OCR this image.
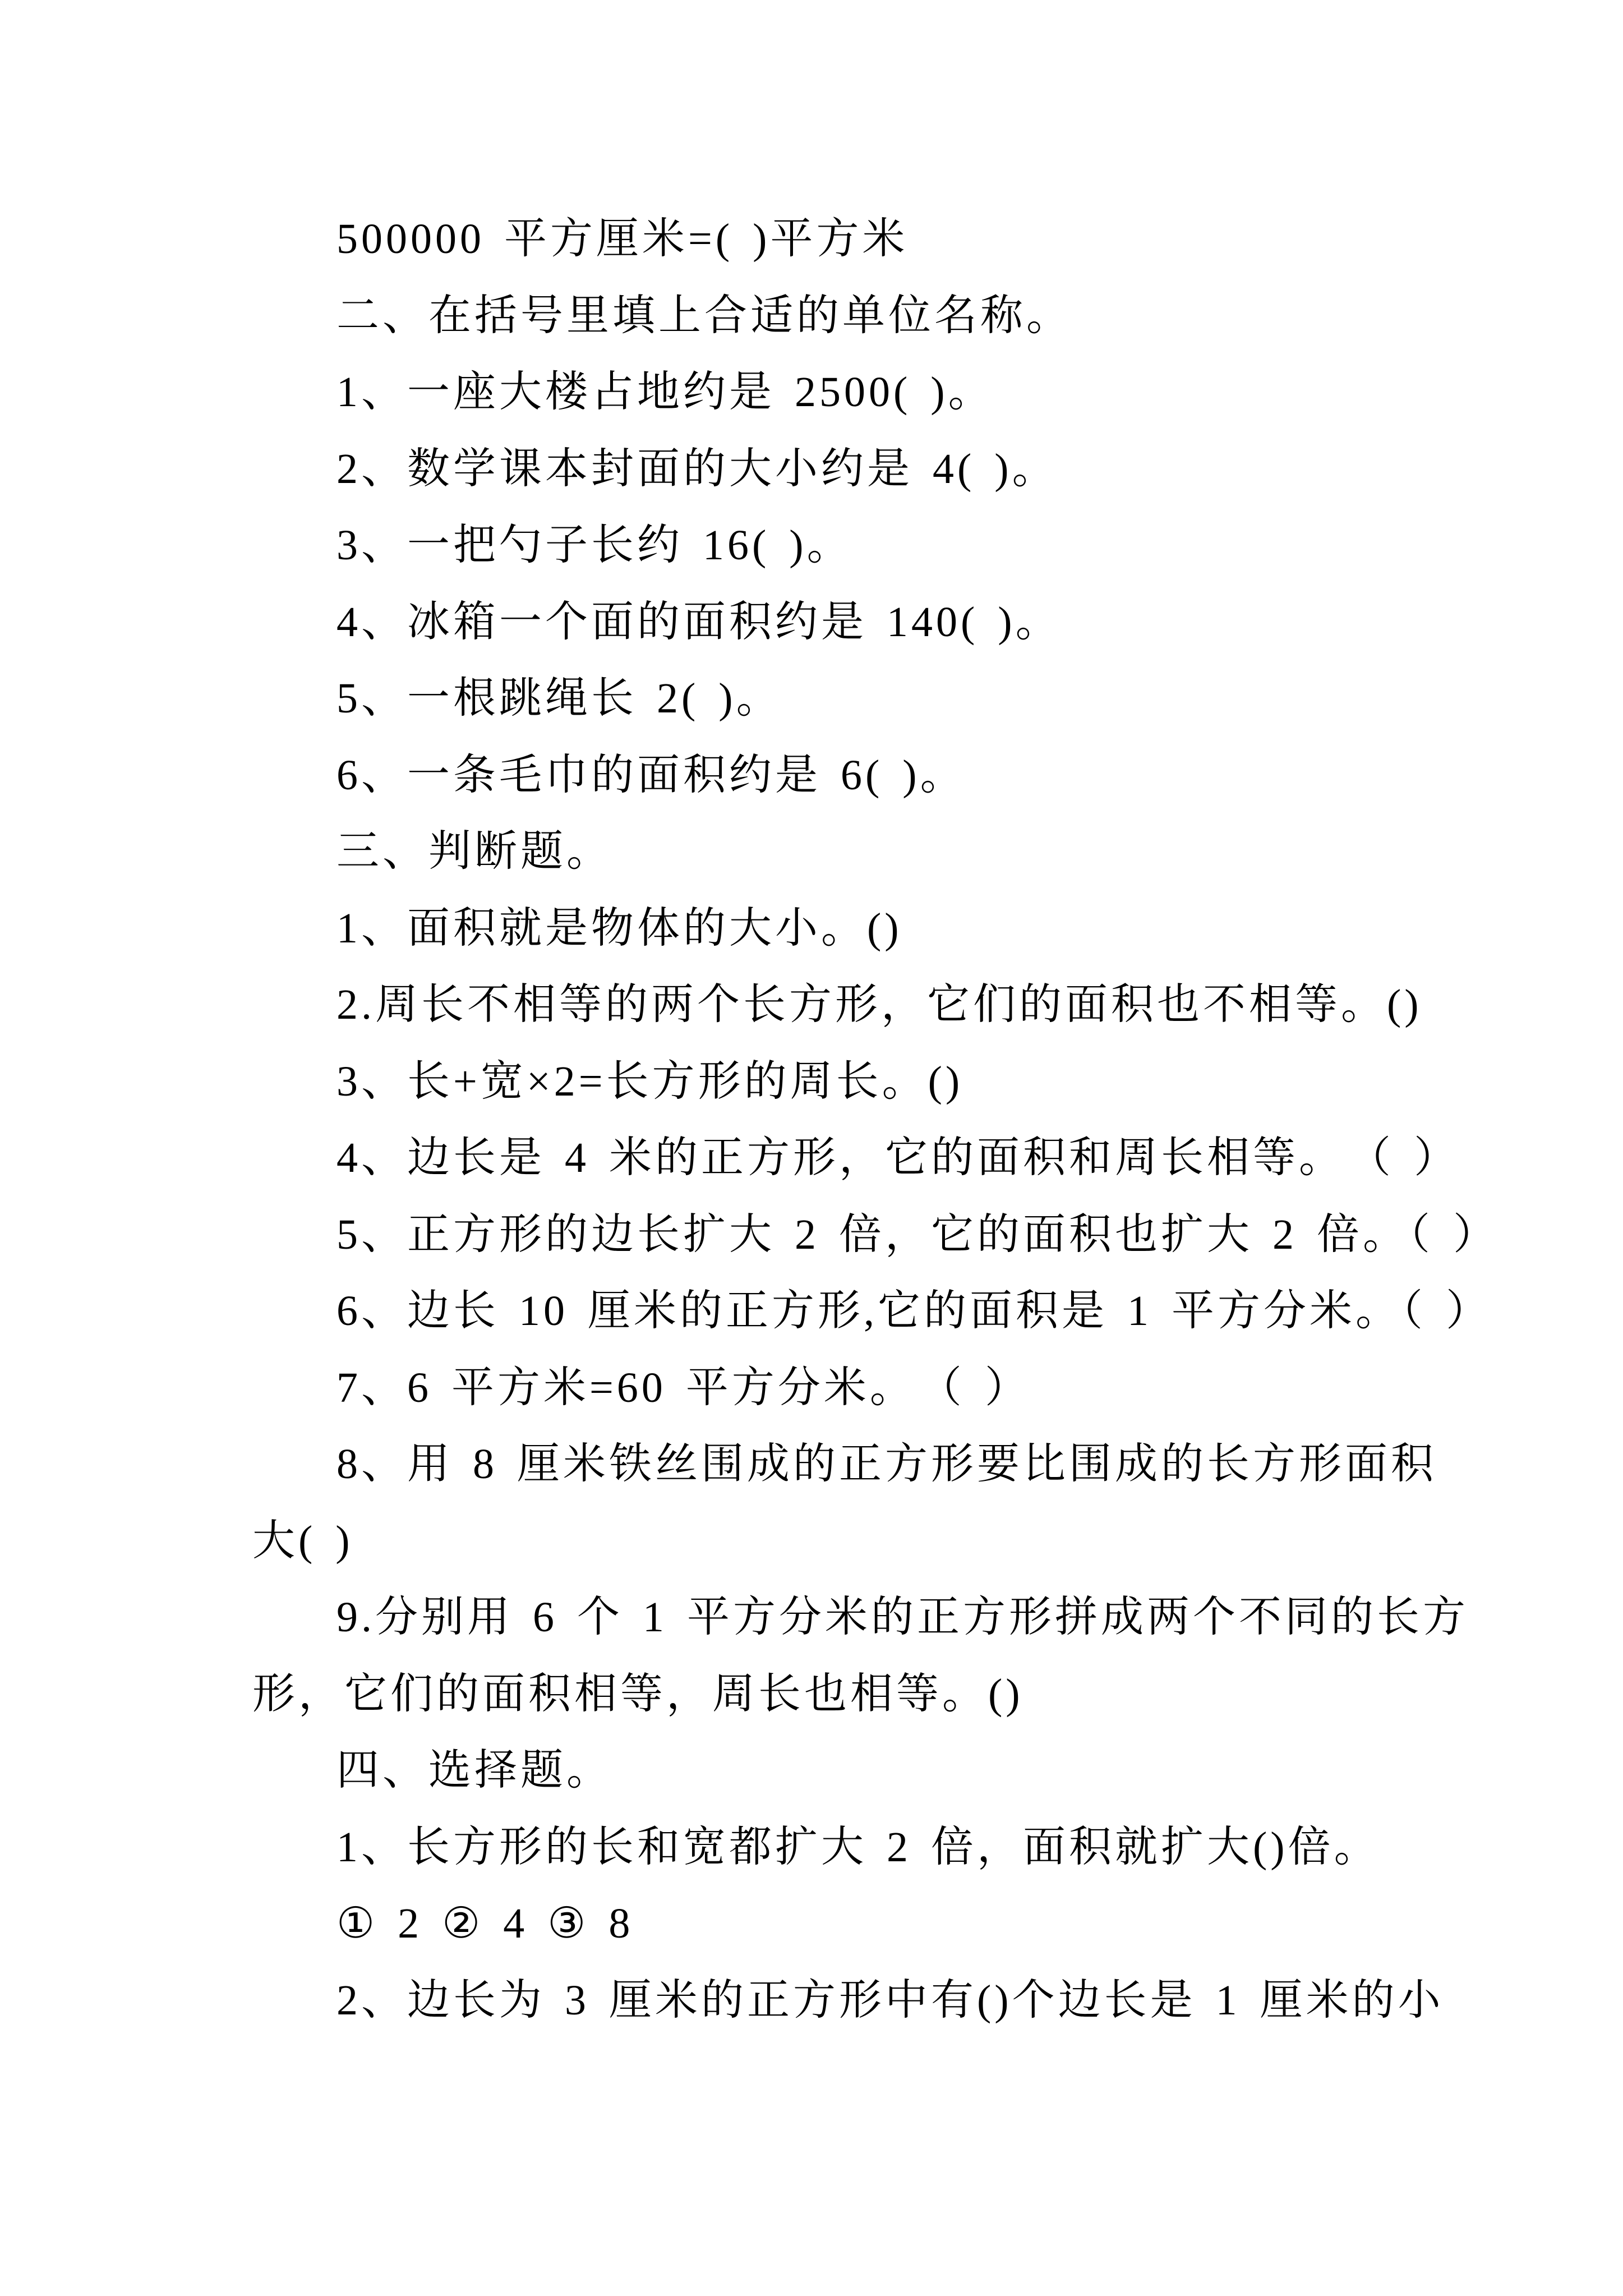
500000 平方厘米=( )平方米
二、在括号里填上合适的单位名称。
1、一座大楼占地约是 2500( )。
2、数学课本封面的大小约是 4( )。
3、一把勺子长约 16( )。
4、冰箱一个面的面积约是 140( )。
5、一根跳绳长 2( )。
6、一条毛巾的面积约是 6( )。
三、判断题。
1、面积就是物体的大小。()
2.周长不相等的两个长方形，它们的面积也不相等。()
3、长+宽×2=长方形的周长。()
4、边长是 4 米的正方形，它的面积和周长相等。　（ ）
5、正方形的边长扩大 2 倍，它的面积也扩大 2 倍。（ ）
6、边长 10 厘米的正方形,它的面积是 1 平方分米。（ ）
7、6 平方米=60 平方分米。　（ ）
8、用 8 厘米铁丝围成的正方形要比围成的长方形面积
大( )
9.分别用 6 个 1 平方分米的正方形拼成两个不同的长方
形，它们的面积相等，周长也相等。()
四、选择题。
1、长方形的长和宽都扩大 2 倍，面积就扩大()倍。
① 2 ② 4 ③ 8
2、边长为 3 厘米的正方形中有()个边长是 1 厘米的小
